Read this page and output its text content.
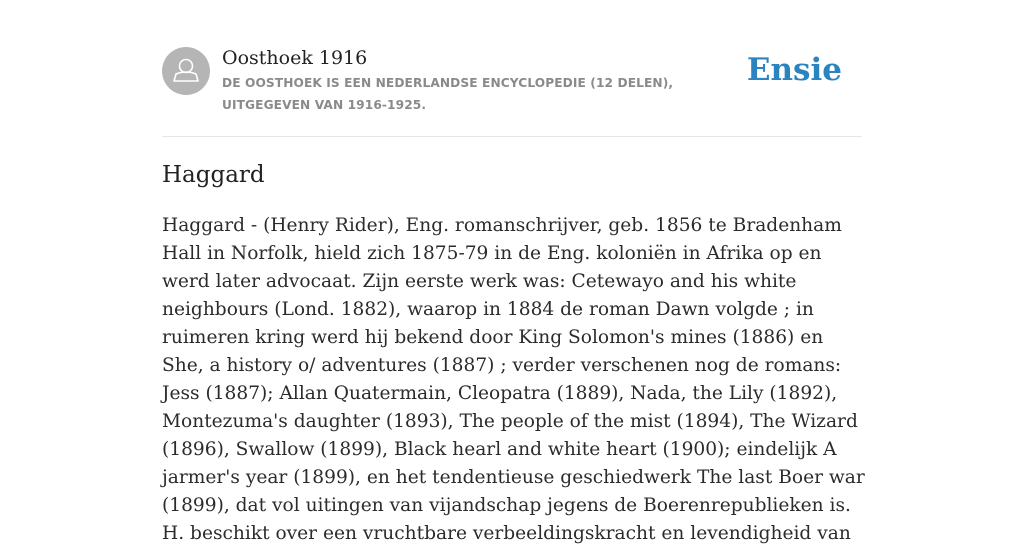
Oosthoek 1916
DE OOSTHOEK IS EEN NEDERLANDSE ENCYCLOPEDIE (12 DELEN), UITGEGEVEN VAN 1916-1925.
Ensie
Haggard

Haggard - (Henry Rider), Eng. romanschrijver, geb. 1856 te Bradenham Hall in Norfolk, hield zich 1875-79 in de Eng. koloniën in Afrika op en werd later advocaat. Zijn eerste werk was: Cetewayo and his white neighbours (Lond. 1882), waarop in 1884 de roman Dawn volgde ; in ruimeren kring werd hij bekend door King Solomon's mines (1886) en She, a history o/ adventures (1887) ; verder verschenen nog de romans: Jess (1887); Allan Quatermain, Cleopatra (1889), Nada, the Lily (1892), Montezuma's daughter (1893), The people of the mist (1894), The Wizard (1896), Swallow (1899), Black hearl and white heart (1900); eindelijk A jarmer's year (1899), en het tendentieuse geschiedwerk The last Boer war (1899), dat vol uitingen van vijandschap jegens de Boerenrepublieken is. H. beschikt over een vruchtbare verbeeldingskracht en levendigheid van
